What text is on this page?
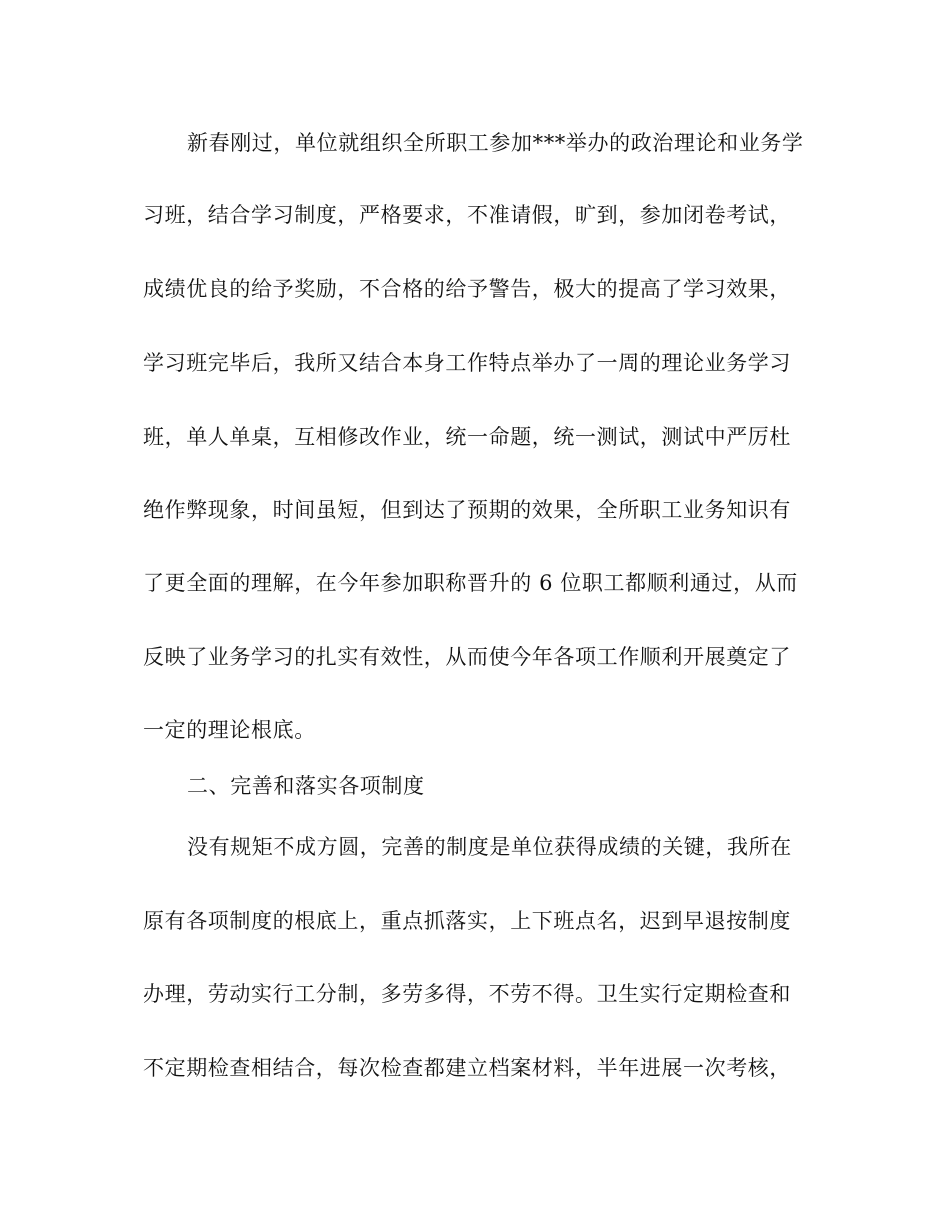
新春刚过，单位就组织全所职工参加***举办的政治理论和业务学
习班，结合学习制度，严格要求，不准请假，旷到，参加闭卷考试，
成绩优良的给予奖励，不合格的给予警告，极大的提高了学习效果，
学习班完毕后，我所又结合本身工作特点举办了一周的理论业务学习
班，单人单桌，互相修改作业，统一命题，统一测试，测试中严厉杜
绝作弊现象，时间虽短，但到达了预期的效果，全所职工业务知识有
了更全面的理解，在今年参加职称晋升的 6 位职工都顺利通过，从而
反映了业务学习的扎实有效性，从而使今年各项工作顺利开展奠定了
一定的理论根底。
二、完善和落实各项制度
没有规矩不成方圆，完善的制度是单位获得成绩的关键，我所在
原有各项制度的根底上，重点抓落实，上下班点名，迟到早退按制度
办理，劳动实行工分制，多劳多得，不劳不得。卫生实行定期检查和
不定期检查相结合，每次检查都建立档案材料，半年进展一次考核，
